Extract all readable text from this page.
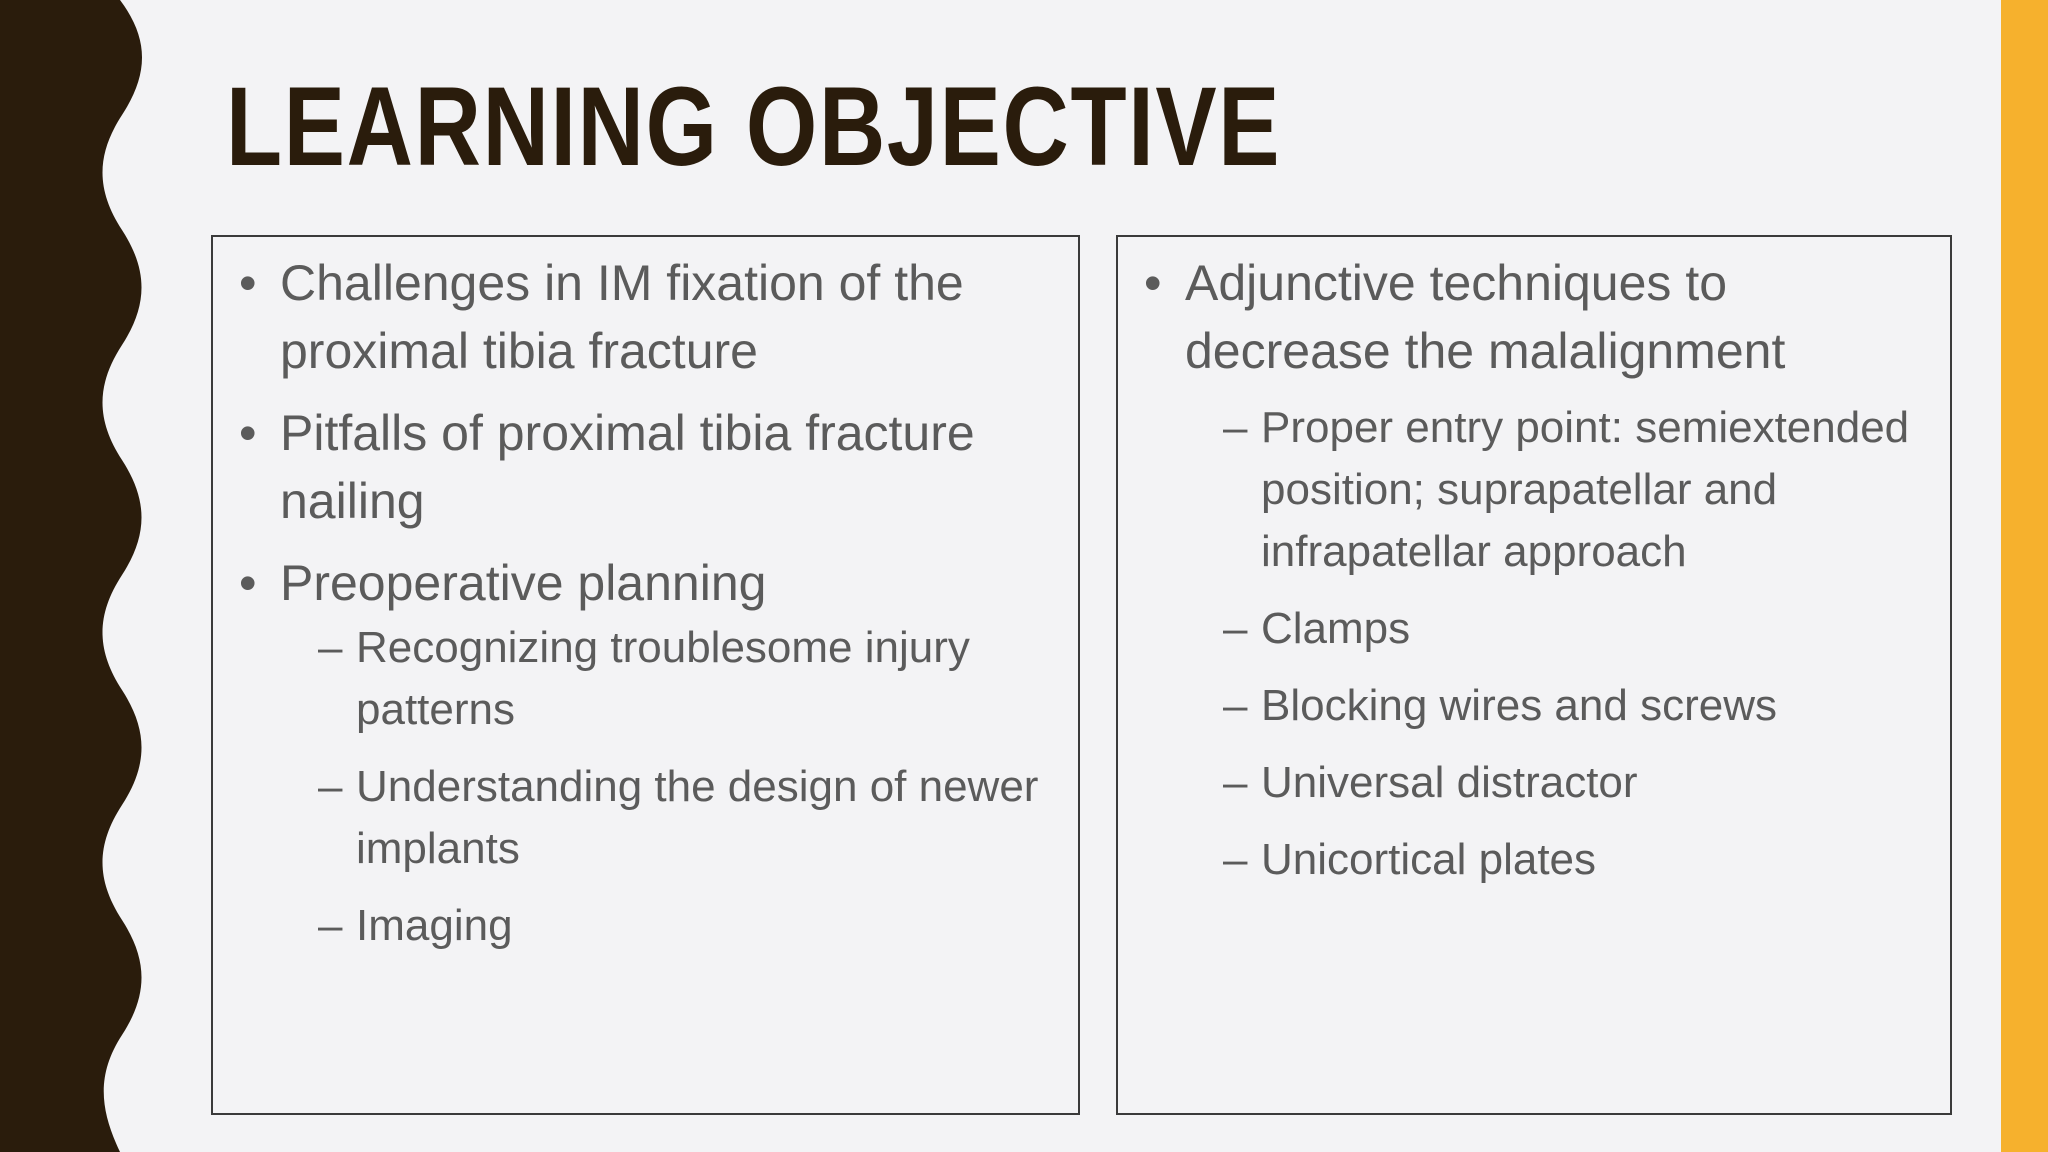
LEARNING OBJECTIVE
• Challenges in IM fixation of the proximal tibia fracture
• Pitfalls of proximal tibia fracture nailing
• Preoperative planning
– Recognizing troublesome injury patterns
– Understanding the design of newer implants
– Imaging
• Adjunctive techniques to decrease the malalignment
– Proper entry point: semiextended position; suprapatellar and infrapatellar approach
– Clamps
– Blocking wires and screws
– Universal distractor
– Unicortical plates
